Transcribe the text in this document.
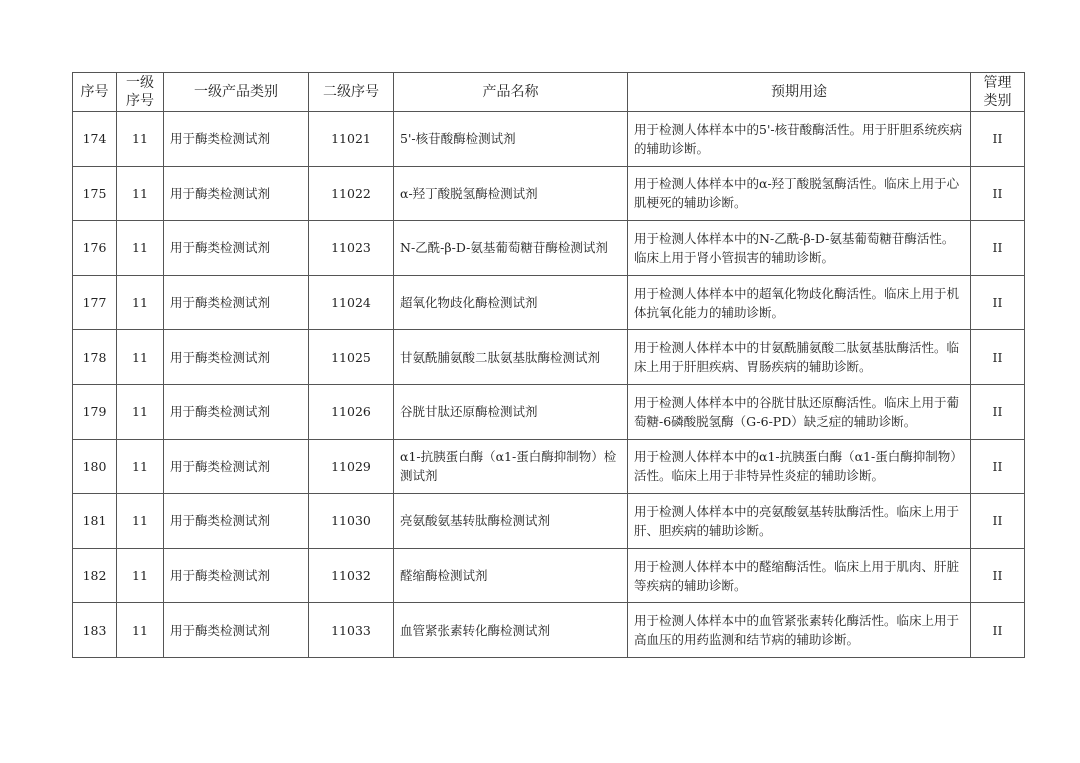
序号	一级序号	一级产品类别	二级序号	产品名称	预期用途	管理类别
174	11	用于酶类检测试剂	11021	5'-核苷酸酶检测试剂	用于检测人体样本中的5'-核苷酸酶活性。用于肝胆系统疾病的辅助诊断。	II
175	11	用于酶类检测试剂	11022	α-羟丁酸脱氢酶检测试剂	用于检测人体样本中的α-羟丁酸脱氢酶活性。临床上用于心肌梗死的辅助诊断。	II
176	11	用于酶类检测试剂	11023	N-乙酰-β-D-氨基葡萄糖苷酶检测试剂	用于检测人体样本中的N-乙酰-β-D-氨基葡萄糖苷酶活性。临床上用于肾小管损害的辅助诊断。	II
177	11	用于酶类检测试剂	11024	超氧化物歧化酶检测试剂	用于检测人体样本中的超氧化物歧化酶活性。临床上用于机体抗氧化能力的辅助诊断。	II
178	11	用于酶类检测试剂	11025	甘氨酰脯氨酸二肽氨基肽酶检测试剂	用于检测人体样本中的甘氨酰脯氨酸二肽氨基肽酶活性。临床上用于肝胆疾病、胃肠疾病的辅助诊断。	II
179	11	用于酶类检测试剂	11026	谷胱甘肽还原酶检测试剂	用于检测人体样本中的谷胱甘肽还原酶活性。临床上用于葡萄糖-6磷酸脱氢酶（G-6-PD）缺乏症的辅助诊断。	II
180	11	用于酶类检测试剂	11029	α1-抗胰蛋白酶（α1-蛋白酶抑制物）检测试剂	用于检测人体样本中的α1-抗胰蛋白酶（α1-蛋白酶抑制物）活性。临床上用于非特异性炎症的辅助诊断。	II
181	11	用于酶类检测试剂	11030	亮氨酸氨基转肽酶检测试剂	用于检测人体样本中的亮氨酸氨基转肽酶活性。临床上用于肝、胆疾病的辅助诊断。	II
182	11	用于酶类检测试剂	11032	醛缩酶检测试剂	用于检测人体样本中的醛缩酶活性。临床上用于肌肉、肝脏等疾病的辅助诊断。	II
183	11	用于酶类检测试剂	11033	血管紧张素转化酶检测试剂	用于检测人体样本中的血管紧张素转化酶活性。临床上用于高血压的用药监测和结节病的辅助诊断。	II
